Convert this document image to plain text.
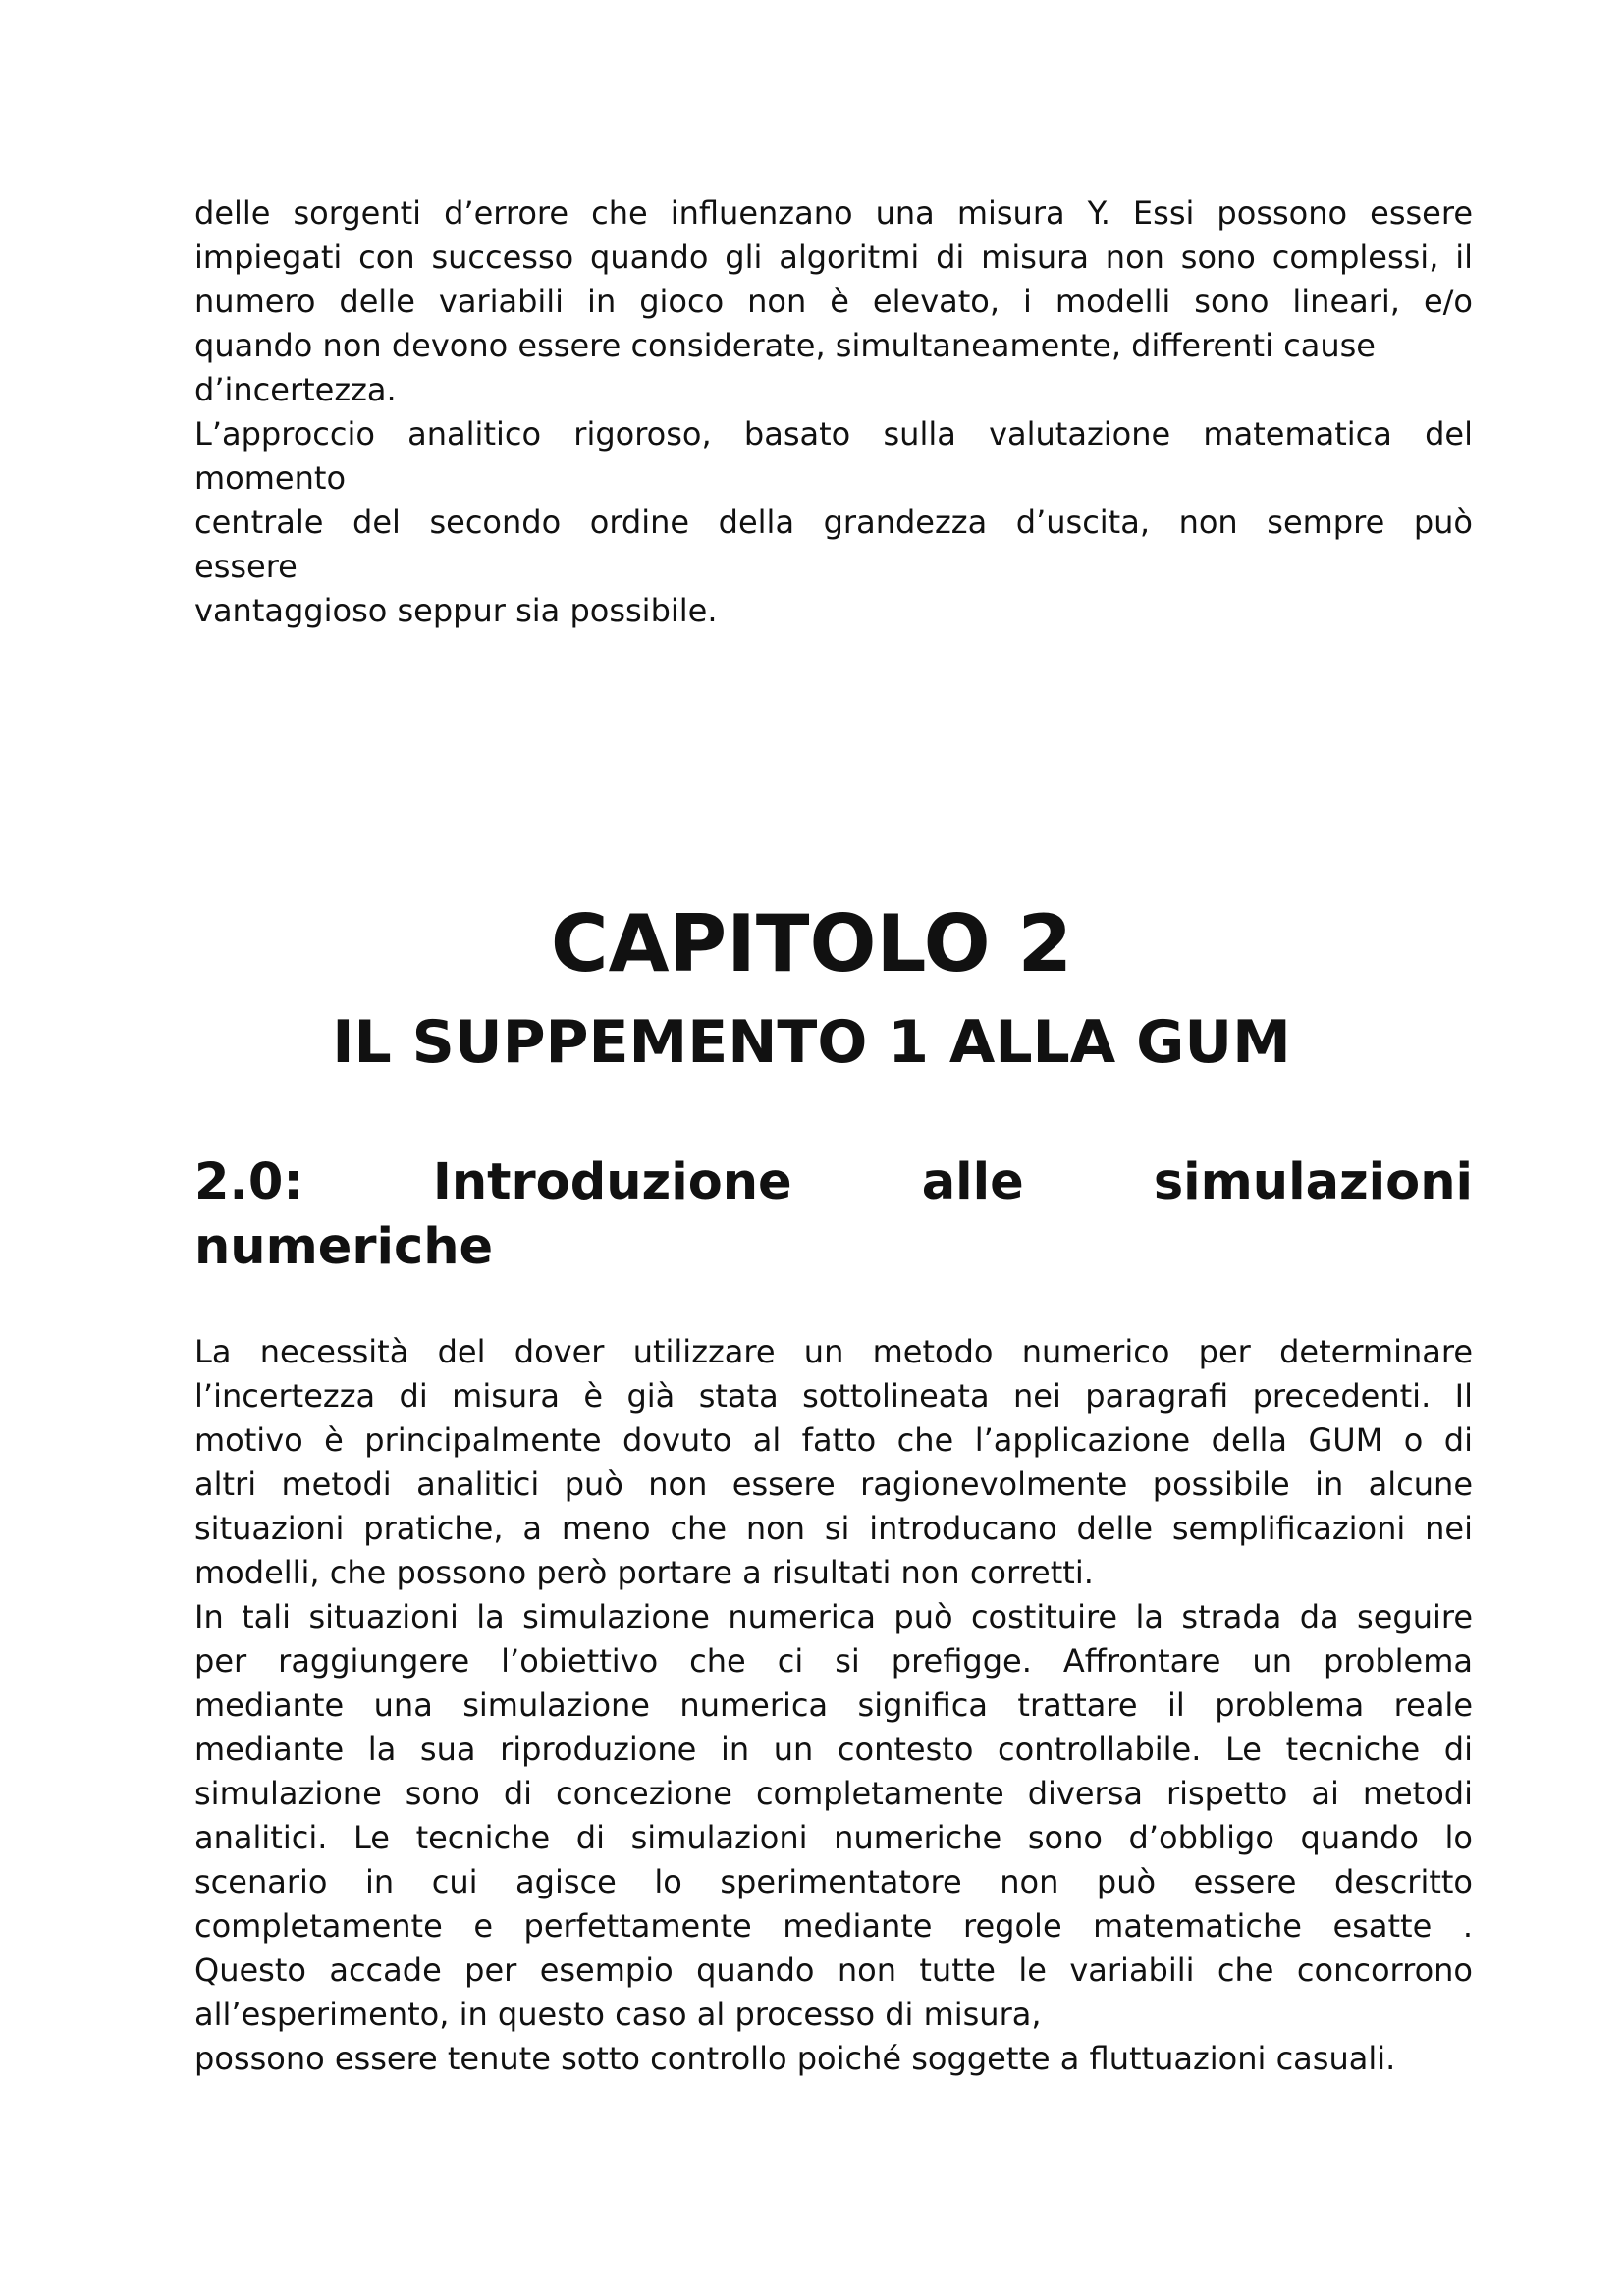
delle sorgenti d’errore che influenzano una misura Y. Essi possono essere

impiegati con successo quando gli algoritmi di misura non sono complessi, il

numero delle variabili in gioco non è elevato, i modelli sono lineari, e/o

quando non devono essere considerate, simultaneamente, differenti cause

d’incertezza.

L’approccio analitico rigoroso, basato sulla valutazione matematica del

momento

centrale del secondo ordine della grandezza d’uscita, non sempre può

essere

vantaggioso seppur sia possibile.

CAPITOLO 2
IL SUPPEMENTO 1 ALLA GUM
2.0:	Introduzione	alle	simulazioni
numeriche

La necessità del dover utilizzare un metodo numerico per determinare

l’incertezza di misura è già stata sottolineata nei paragrafi precedenti. Il

motivo è principalmente dovuto al fatto che l’applicazione della GUM o di

altri metodi analitici può non essere ragionevolmente possibile in alcune

situazioni pratiche, a meno che non si introducano delle semplificazioni nei

modelli, che possono però portare a risultati non corretti.

In tali situazioni la simulazione numerica può costituire la strada da seguire

per raggiungere l’obiettivo che ci si prefigge. Affrontare un problema

mediante una simulazione numerica significa trattare il problema reale

mediante la sua riproduzione in un contesto controllabile. Le tecniche di

simulazione sono di concezione completamente diversa rispetto ai metodi

analitici. Le tecniche di simulazioni numeriche sono d’obbligo quando lo

scenario in cui agisce lo sperimentatore non può essere descritto

completamente e perfettamente mediante regole matematiche esatte .

Questo accade per esempio quando non tutte le variabili che concorrono

all’esperimento, in questo caso al processo di misura,

possono essere tenute sotto controllo poiché soggette a fluttuazioni casuali.
